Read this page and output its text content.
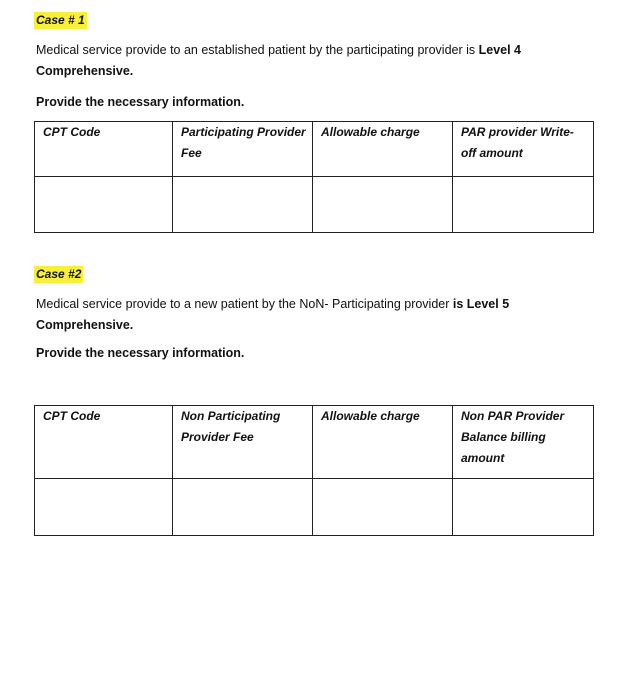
Case # 1
Medical service provide to an established patient by the participating provider is Level 4
Comprehensive.
Provide the necessary information.
CPT Code	Participating Provider Fee	Allowable charge	PAR provider Write-off amount

Case #2
Medical service provide to a new patient by the NoN- Participating provider is Level 5
Comprehensive.
Provide the necessary information.
CPT Code	Non Participating Provider Fee	Allowable charge	Non PAR Provider Balance billing amount
